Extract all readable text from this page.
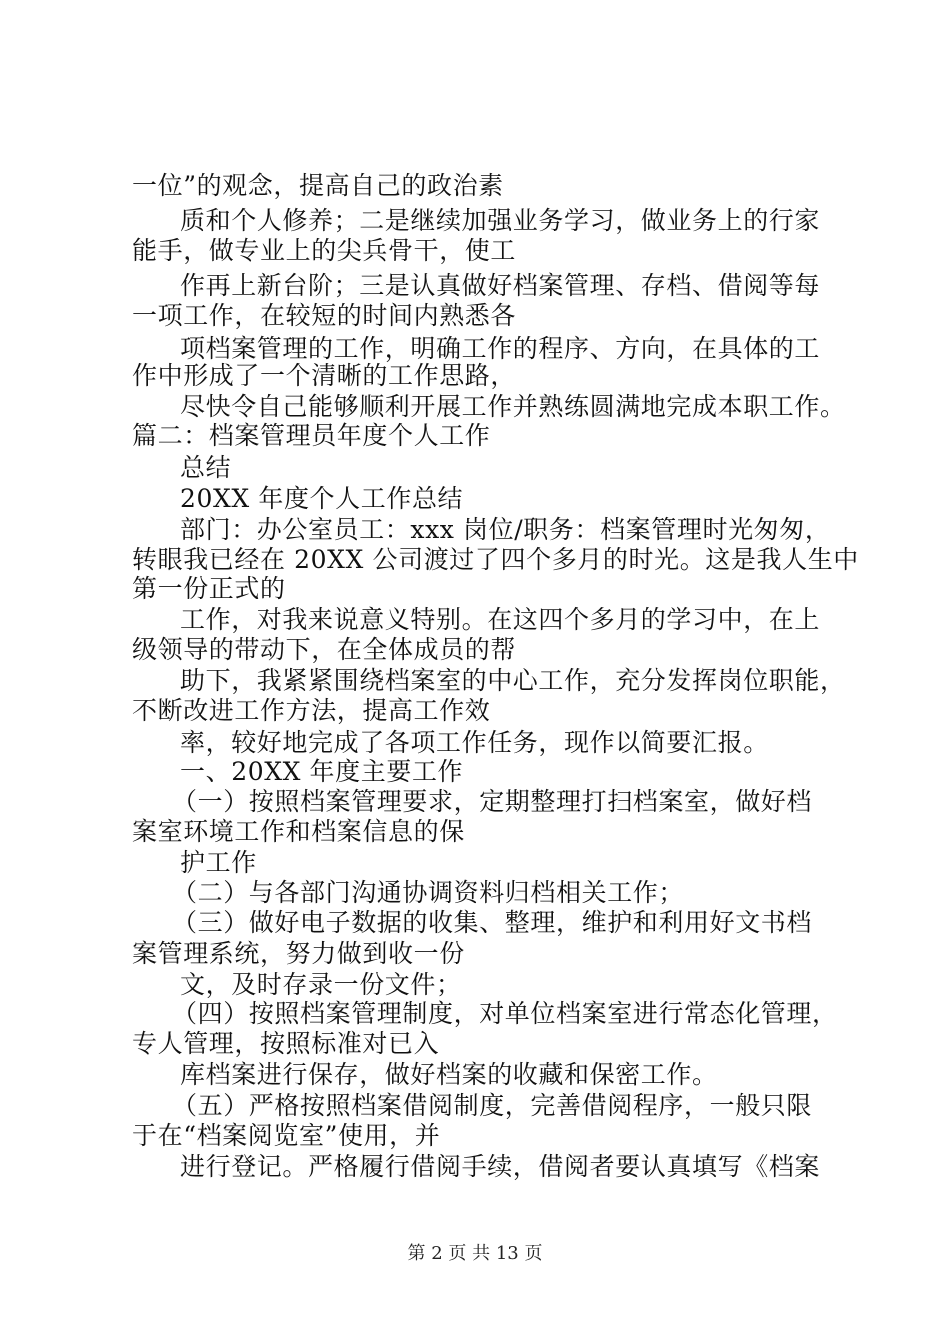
一位”的观念，提高自己的政治素
质和个人修养；二是继续加强业务学习，做业务上的行家
能手，做专业上的尖兵骨干，使工
作再上新台阶；三是认真做好档案管理、存档、借阅等每
一项工作，在较短的时间内熟悉各
项档案管理的工作，明确工作的程序、方向，在具体的工
作中形成了一个清晰的工作思路，
尽快令自己能够顺利开展工作并熟练圆满地完成本职工作。
篇二：档案管理员年度个人工作
总结
20XX 年度个人工作总结
部门：办公室员工：xxx 岗位/职务：档案管理时光匆匆，
转眼我已经在 20XX 公司渡过了四个多月的时光。这是我人生中
第一份正式的
工作，对我来说意义特别。在这四个多月的学习中，在上
级领导的带动下，在全体成员的帮
助下，我紧紧围绕档案室的中心工作，充分发挥岗位职能，
不断改进工作方法，提高工作效
率，较好地完成了各项工作任务，现作以简要汇报。
一、20XX 年度主要工作
（一）按照档案管理要求，定期整理打扫档案室，做好档
案室环境工作和档案信息的保
护工作
（二）与各部门沟通协调资料归档相关工作；
（三）做好电子数据的收集、整理，维护和利用好文书档
案管理系统，努力做到收一份
文，及时存录一份文件；
（四）按照档案管理制度，对单位档案室进行常态化管理，
专人管理，按照标准对已入
库档案进行保存，做好档案的收藏和保密工作。
（五）严格按照档案借阅制度，完善借阅程序，一般只限
于在“档案阅览室”使用，并
进行登记。严格履行借阅手续，借阅者要认真填写《档案
第 2 页 共 13 页
